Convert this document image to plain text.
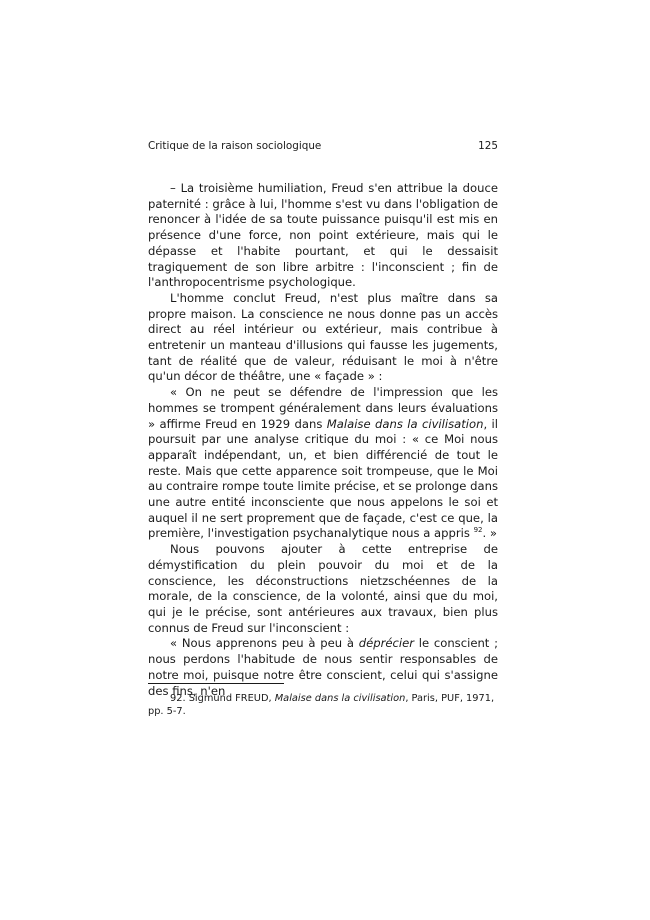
Critique de la raison sociologique	125

– La troisième humiliation, Freud s'en attribue la douce paternité : grâce à lui, l'homme s'est vu dans l'obligation de renoncer à l'idée de sa toute puissance puisqu'il est mis en présence d'une force, non point extérieure, mais qui le dépasse et l'habite pourtant, et qui le dessaisit tragiquement de son libre arbitre : l'inconscient ; fin de l'anthropocentrisme psychologique.

L'homme conclut Freud, n'est plus maître dans sa propre maison. La conscience ne nous donne pas un accès direct au réel intérieur ou extérieur, mais contribue à entretenir un manteau d'illusions qui fausse les jugements, tant de réalité que de valeur, réduisant le moi à n'être qu'un décor de théâtre, une « façade » :

« On ne peut se défendre de l'impression que les hommes se trompent généralement dans leurs évaluations » affirme Freud en 1929 dans Malaise dans la civilisation, il poursuit par une analyse critique du moi : « ce Moi nous apparaît indépendant, un, et bien différencié de tout le reste. Mais que cette apparence soit trompeuse, que le Moi au contraire rompe toute limite précise, et se prolonge dans une autre entité inconsciente que nous appelons le soi et auquel il ne sert proprement que de façade, c'est ce que, la première, l'investigation psychanalytique nous a appris $^{92}$. »

Nous pouvons ajouter à cette entreprise de démystification du plein pouvoir du moi et de la conscience, les déconstructions nietzschéennes de la morale, de la conscience, de la volonté, ainsi que du moi, qui je le précise, sont antérieures aux travaux, bien plus connus de Freud sur l'inconscient :

« Nous apprenons peu à peu à déprécier le conscient ; nous perdons l'habitude de nous sentir responsables de notre moi, puisque notre être conscient, celui qui s'assigne des fins, n'en

92. Sigmund FREUD, Malaise dans la civilisation, Paris, PUF, 1971, pp. 5-7.
